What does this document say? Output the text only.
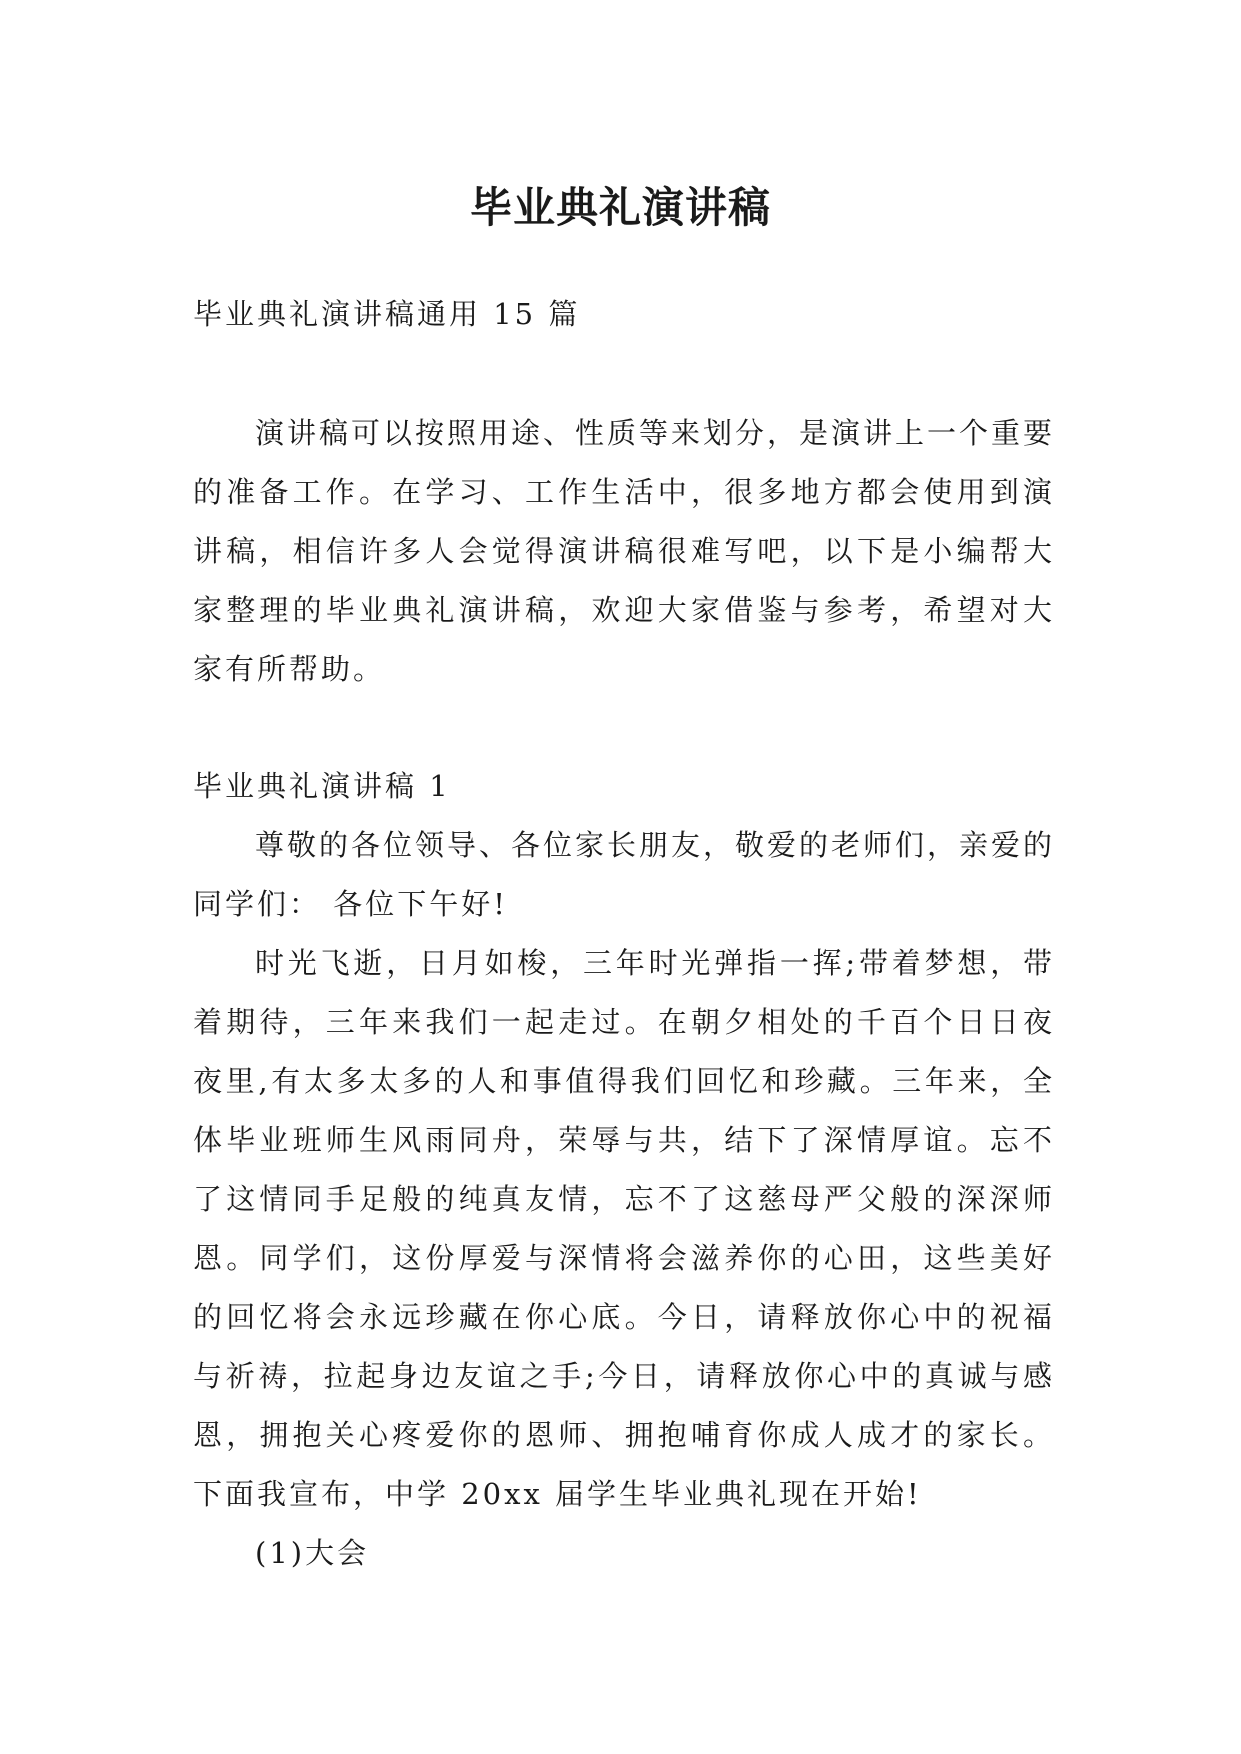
毕业典礼演讲稿

毕业典礼演讲稿通用 15 篇

演讲稿可以按照用途、性质等来划分，是演讲上一个重要的准备工作。在学习、工作生活中，很多地方都会使用到演讲稿，相信许多人会觉得演讲稿很难写吧，以下是小编帮大家整理的毕业典礼演讲稿，欢迎大家借鉴与参考，希望对大家有所帮助。

毕业典礼演讲稿 1

尊敬的各位领导、各位家长朋友，敬爱的老师们，亲爱的同学们： 各位下午好!

时光飞逝，日月如梭，三年时光弹指一挥;带着梦想，带着期待，三年来我们一起走过。在朝夕相处的千百个日日夜夜里,有太多太多的人和事值得我们回忆和珍藏。三年来，全体毕业班师生风雨同舟，荣辱与共，结下了深情厚谊。忘不了这情同手足般的纯真友情，忘不了这慈母严父般的深深师恩。同学们，这份厚爱与深情将会滋养你的心田，这些美好的回忆将会永远珍藏在你心底。今日，请释放你心中的祝福与祈祷，拉起身边友谊之手;今日，请释放你心中的真诚与感恩，拥抱关心疼爱你的恩师、拥抱哺育你成人成才的家长。 下面我宣布，中学 20xx 届学生毕业典礼现在开始!

(1)大会
